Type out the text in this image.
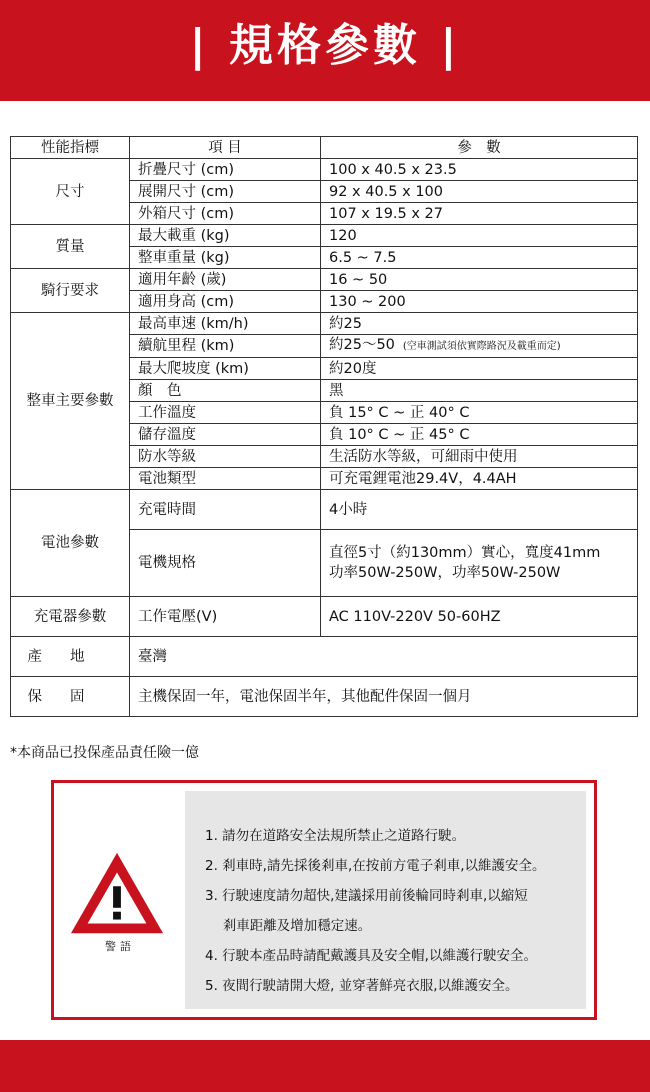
| 規格參數 |
性能指標	項 目	參　數
尺寸	折疊尺寸 (cm)	100 x 40.5 x 23.5
	展開尺寸 (cm)	92 x 40.5 x 100
	外箱尺寸 (cm)	107 x 19.5 x 27
質量	最大載重 (kg)	120
	整車重量 (kg)	6.5 ~ 7.5
騎行要求	適用年齡 (歲)	16 ~ 50
	適用身高 (cm)	130 ~ 200
整車主要參數	最高車速 (km/h)	約25
	續航里程 (km)	約25～50 (空車測試須依實際路況及載重而定)
	最大爬坡度 (km)	約20度
	顏　色	黑
	工作溫度	負 15° C ~ 正 40° C
	儲存溫度	負 10° C ~ 正 45° C
	防水等級	生活防水等級，可細雨中使用
	電池類型	可充電鋰電池29.4V，4.4AH
電池參數	充電時間	4小時
	電機規格	直徑5寸（約130mm）實心，寬度41mm
功率50W-250W，功率50W-250W

充電器參數	工作電壓(V)	AC 110V-220V 50-60HZ
產地	臺灣	
保固	主機保固一年，電池保固半年，其他配件保固一個月	
*本商品已投保產品責任險一億
警語
1. 請勿在道路安全法規所禁止之道路行駛。
2. 剎車時,請先採後剎車,在按前方電子剎車,以維護安全。
3. 行駛速度請勿超快,建議採用前後輪同時剎車,以縮短
　 剎車距離及增加穩定速。
4. 行駛本產品時請配戴護具及安全帽,以維護行駛安全。
5. 夜間行駛請開大燈, 並穿著鮮亮衣服,以維護安全。
